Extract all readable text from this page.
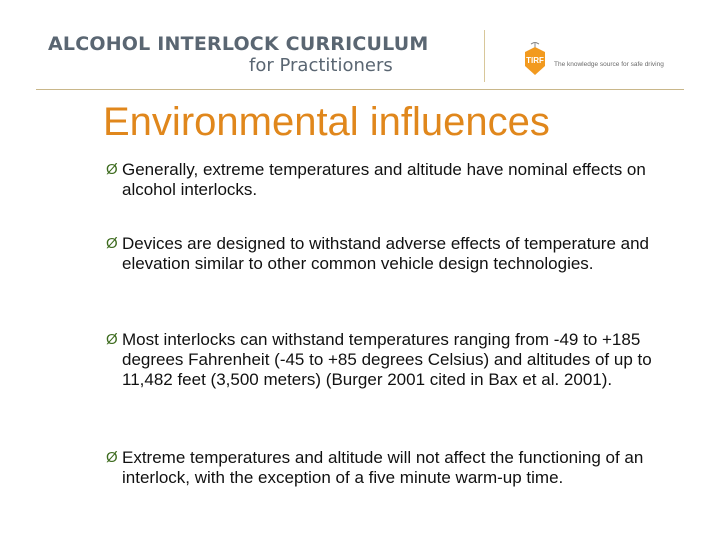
ALCOHOL INTERLOCK CURRICULUM
for Practitioners	TIRF The knowledge source for safe driving
Environmental influences
Ø Generally, extreme temperatures and altitude have nominal effects on alcohol interlocks.
Ø Devices are designed to withstand adverse effects of temperature and elevation similar to other common vehicle design technologies.
Ø Most interlocks can withstand temperatures ranging from -49 to +185 degrees Fahrenheit (-45 to +85 degrees Celsius) and altitudes of up to 11,482 feet (3,500 meters) (Burger 2001 cited in Bax et al. 2001).
Ø Extreme temperatures and altitude will not affect the functioning of an interlock, with the exception of a five minute warm-up time.
